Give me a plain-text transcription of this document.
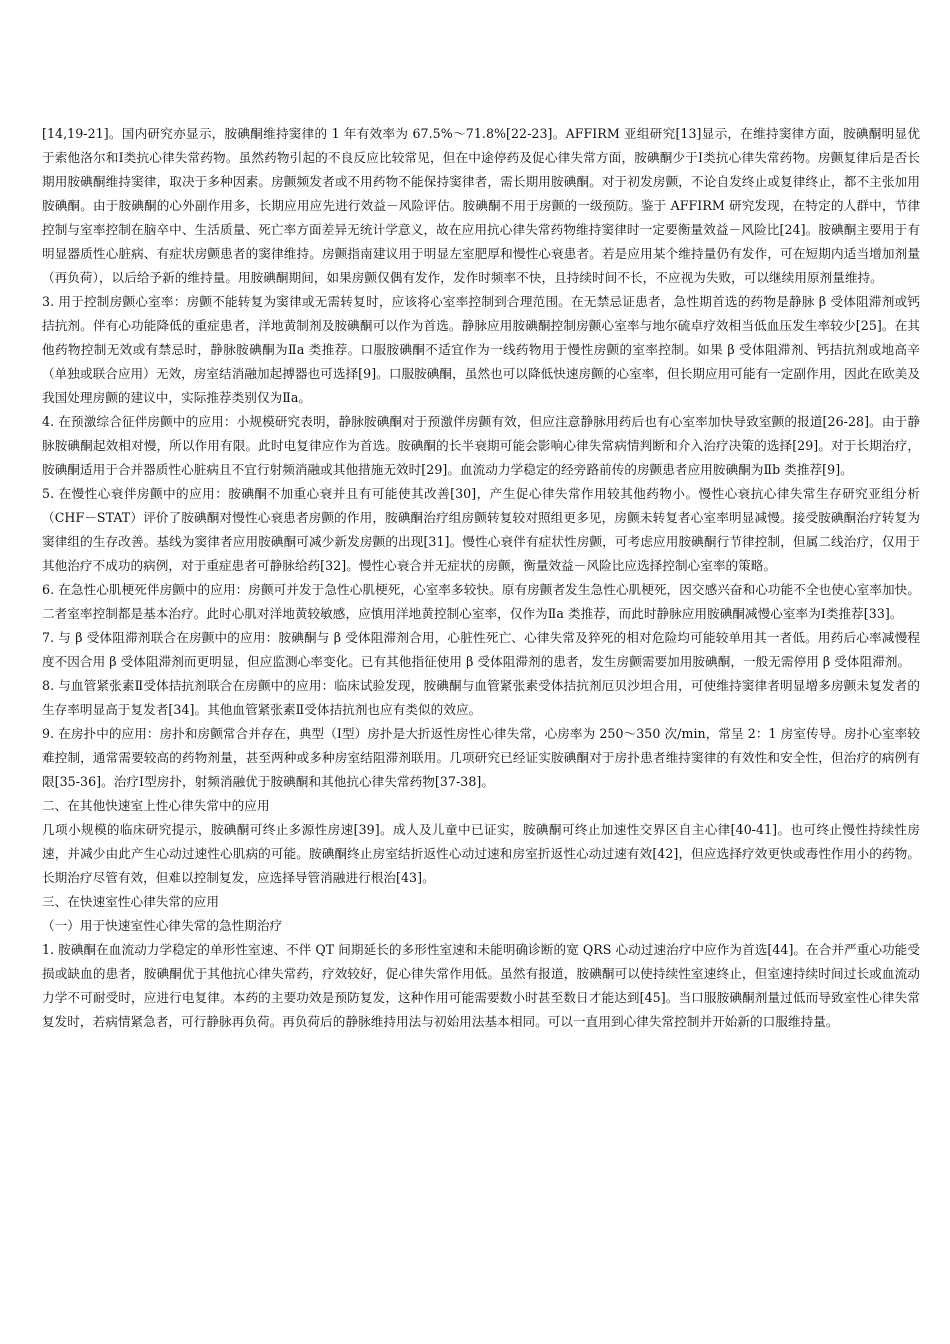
[14,19-21]。国内研究亦显示，胺碘酮维持窦律的 1 年有效率为 67.5%～71.8%[22-23]。AFFIRM 亚组研究[13]显示，在维持窦律方面，胺碘酮明显优于索他洛尔和Ⅰ类抗心律失常药物。虽然药物引起的不良反应比较常见，但在中途停药及促心律失常方面，胺碘酮少于Ⅰ类抗心律失常药物。房颤复律后是否长期用胺碘酮维持窦律，取决于多种因素。房颤频发者或不用药物不能保持窦律者，需长期用胺碘酮。对于初发房颤，不论自发终止或复律终止，都不主张加用胺碘酮。由于胺碘酮的心外副作用多，长期应用应先进行效益－风险评估。胺碘酮不用于房颤的一级预防。鉴于 AFFIRM 研究发现，在特定的人群中，节律控制与室率控制在脑卒中、生活质量、死亡率方面差异无统计学意义，故在应用抗心律失常药物维持窦律时一定要衡量效益－风险比[24]。胺碘酮主要用于有明显器质性心脏病、有症状房颤患者的窦律维持。房颤指南建议用于明显左室肥厚和慢性心衰患者。若是应用某个维持量仍有发作，可在短期内适当增加剂量（再负荷），以后给予新的维持量。用胺碘酮期间，如果房颤仅偶有发作，发作时频率不快，且持续时间不长，不应视为失败，可以继续用原剂量维持。

3. 用于控制房颤心室率：房颤不能转复为窦律或无需转复时，应该将心室率控制到合理范围。在无禁忌证患者，急性期首选的药物是静脉 β 受体阻滞剂或钙拮抗剂。伴有心功能降低的重症患者，洋地黄制剂及胺碘酮可以作为首选。静脉应用胺碘酮控制房颤心室率与地尔硫卓疗效相当低血压发生率较少[25]。在其他药物控制无效或有禁忌时，静脉胺碘酮为Ⅱa 类推荐。口服胺碘酮不适宜作为一线药物用于慢性房颤的室率控制。如果 β 受体阻滞剂、钙拮抗剂或地高辛（单独或联合应用）无效，房室结消融加起搏器也可选择[9]。口服胺碘酮，虽然也可以降低快速房颤的心室率，但长期应用可能有一定副作用，因此在欧美及我国处理房颤的建议中，实际推荐类别仅为Ⅱa。

4. 在预激综合征伴房颤中的应用：小规模研究表明，静脉胺碘酮对于预激伴房颤有效，但应注意静脉用药后也有心室率加快导致室颤的报道[26-28]。由于静脉胺碘酮起效相对慢，所以作用有限。此时电复律应作为首选。胺碘酮的长半衰期可能会影响心律失常病情判断和介入治疗决策的选择[29]。对于长期治疗，胺碘酮适用于合并器质性心脏病且不宜行射频消融或其他措施无效时[29]。血流动力学稳定的经旁路前传的房颤患者应用胺碘酮为Ⅱb 类推荐[9]。

5. 在慢性心衰伴房颤中的应用：胺碘酮不加重心衰并且有可能使其改善[30]，产生促心律失常作用较其他药物小。慢性心衰抗心律失常生存研究亚组分析（CHF－STAT）评价了胺碘酮对慢性心衰患者房颤的作用，胺碘酮治疗组房颤转复较对照组更多见，房颤未转复者心室率明显减慢。接受胺碘酮治疗转复为窦律组的生存改善。基线为窦律者应用胺碘酮可减少新发房颤的出现[31]。慢性心衰伴有症状性房颤，可考虑应用胺碘酮行节律控制，但属二线治疗，仅用于其他治疗不成功的病例，对于重症患者可静脉给药[32]。慢性心衰合并无症状的房颤，衡量效益－风险比应选择控制心室率的策略。

6. 在急性心肌梗死伴房颤中的应用：房颤可并发于急性心肌梗死，心室率多较快。原有房颤者发生急性心肌梗死，因交感兴奋和心功能不全也使心室率加快。二者室率控制都是基本治疗。此时心肌对洋地黄较敏感，应慎用洋地黄控制心室率，仅作为Ⅱa 类推荐，而此时静脉应用胺碘酮减慢心室率为Ⅰ类推荐[33]。

7. 与 β 受体阻滞剂联合在房颤中的应用：胺碘酮与 β 受体阻滞剂合用，心脏性死亡、心律失常及猝死的相对危险均可能较单用其一者低。用药后心率减慢程度不因合用 β 受体阻滞剂而更明显，但应监测心率变化。已有其他指征使用 β 受体阻滞剂的患者，发生房颤需要加用胺碘酮，一般无需停用 β 受体阻滞剂。

8. 与血管紧张素Ⅱ受体拮抗剂联合在房颤中的应用：临床试验发现，胺碘酮与血管紧张素受体拮抗剂厄贝沙坦合用，可使维持窦律者明显增多房颤未复发者的生存率明显高于复发者[34]。其他血管紧张素Ⅱ受体拮抗剂也应有类似的效应。

9. 在房扑中的应用：房扑和房颤常合并存在，典型（Ⅰ型）房扑是大折返性房性心律失常，心房率为 250～350 次/min，常呈 2：1 房室传导。房扑心室率较难控制，通常需要较高的药物剂量，甚至两种或多种房室结阻滞剂联用。几项研究已经证实胺碘酮对于房扑患者维持窦律的有效性和安全性，但治疗的病例有限[35-36]。治疗Ⅰ型房扑，射频消融优于胺碘酮和其他抗心律失常药物[37-38]。

二、在其他快速室上性心律失常中的应用

几项小规模的临床研究提示，胺碘酮可终止多源性房速[39]。成人及儿童中已证实，胺碘酮可终止加速性交界区自主心律[40-41]。也可终止慢性持续性房速，并减少由此产生心动过速性心肌病的可能。胺碘酮终止房室结折返性心动过速和房室折返性心动过速有效[42]，但应选择疗效更快或毒性作用小的药物。长期治疗尽管有效，但难以控制复发，应选择导管消融进行根治[43]。

三、在快速室性心律失常的应用

（一）用于快速室性心律失常的急性期治疗

1. 胺碘酮在血流动力学稳定的单形性室速、不伴 QT 间期延长的多形性室速和未能明确诊断的宽 QRS 心动过速治疗中应作为首选[44]。在合并严重心功能受损或缺血的患者，胺碘酮优于其他抗心律失常药，疗效较好，促心律失常作用低。虽然有报道，胺碘酮可以使持续性室速终止，但室速持续时间过长或血流动力学不可耐受时，应进行电复律。本药的主要功效是预防复发，这种作用可能需要数小时甚至数日才能达到[45]。当口服胺碘酮剂量过低而导致室性心律失常复发时，若病情紧急者，可行静脉再负荷。再负荷后的静脉维持用法与初始用法基本相同。可以一直用到心律失常控制并开始新的口服维持量。
